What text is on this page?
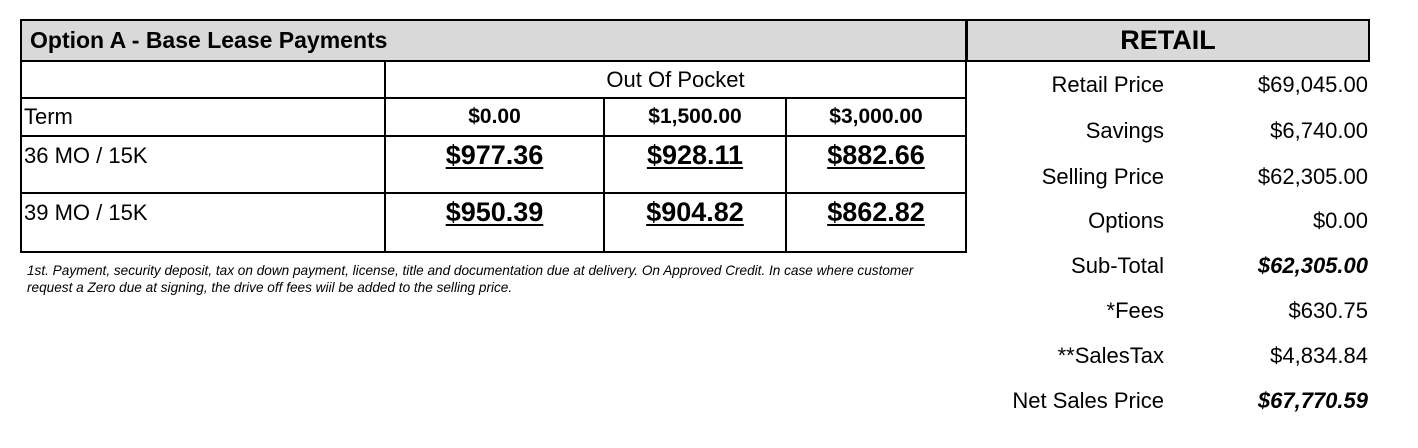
Option A - Base Lease Payments
Out Of Pocket
Term	$0.00	$1,500.00	$3,000.00
36 MO / 15K	$977.36	$928.11	$882.66
39 MO / 15K	$950.39	$904.82	$862.82
1st. Payment, security deposit, tax on down payment, license, title and documentation due at delivery. On Approved Credit. In case where customer request a Zero due at signing, the drive off fees wiil be added to the selling price.
RETAIL
Retail Price	$69,045.00
Savings	$6,740.00
Selling Price	$62,305.00
Options	$0.00
Sub-Total	$62,305.00
*Fees	$630.75
**SalesTax	$4,834.84
Net Sales Price	$67,770.59
